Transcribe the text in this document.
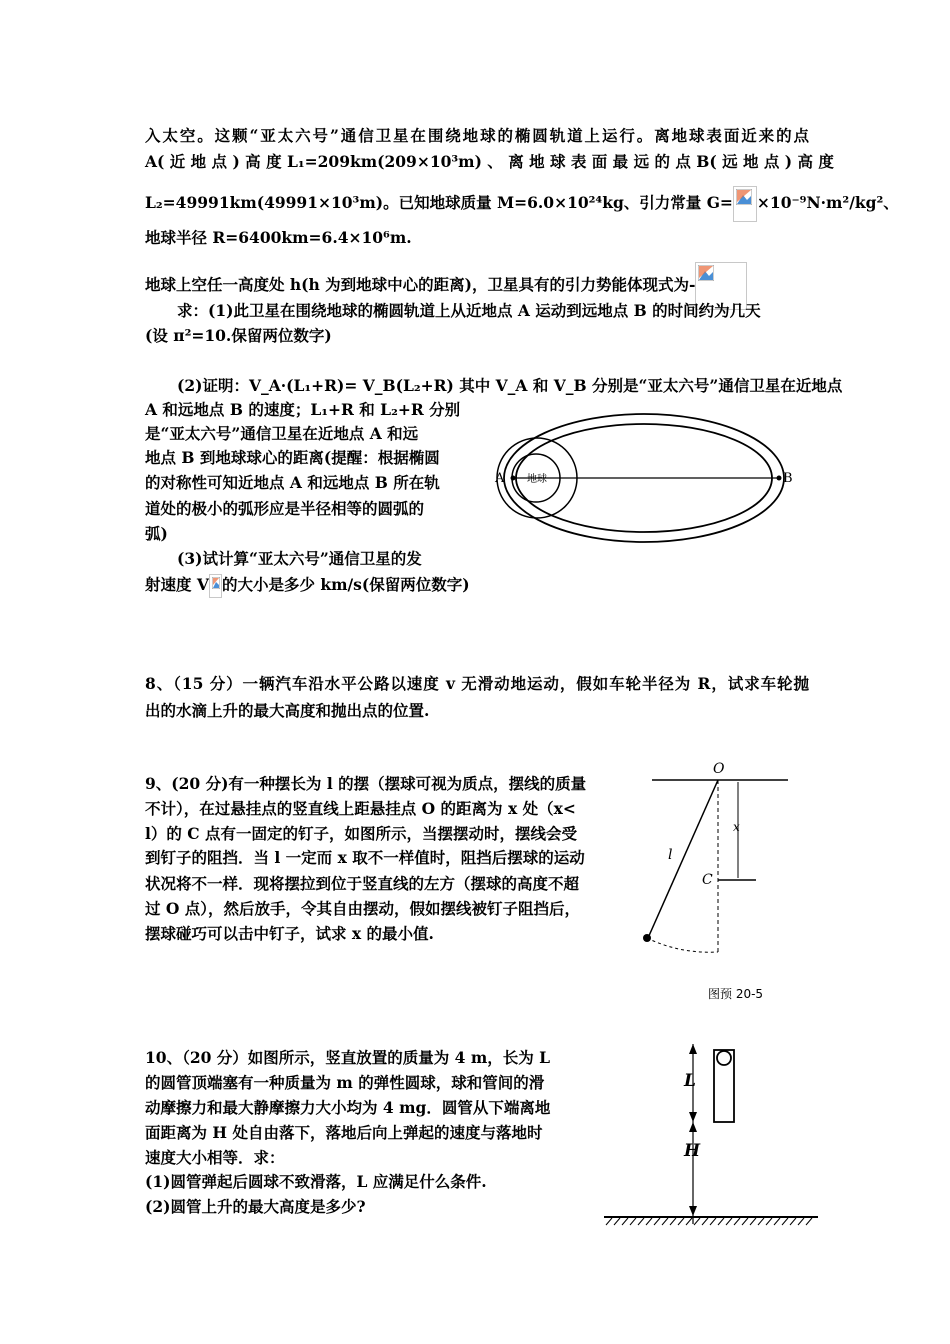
入太空。这颗“亚太六号”通信卫星在围绕地球的椭圆轨道上运行。离地球表面近来的点
A( 近 地 点 ) 高 度 L₁=209km(209×10³m) 、 离 地 球 表 面 最 远 的 点 B( 远 地 点 ) 高 度
L₂=49991km(49991×10³m)。已知地球质量 M=6.0×10²⁴kg、引力常量 G= ×10⁻⁹N·m²/kg²、
地球半径 R=6400km=6.4×10⁶m.
地球上空任一高度处 h(h 为到地球中心的距离)，卫星具有的引力势能体现式为-
求：(1)此卫星在围绕地球的椭圆轨道上从近地点 A 运动到远地点 B 的时间约为几天
(设 π²=10.保留两位数字)
(2)证明：V_A·(L₁+R)= V_B(L₂+R) 其中 V_A 和 V_B 分别是“亚太六号”通信卫星在近地点
A 和远地点 B 的速度；L₁+R 和 L₂+R 分别
是“亚太六号”通信卫星在近地点 A 和远
地点 B 到地球球心的距离(提醒：根据椭圆
的对称性可知近地点 A 和远地点 B 所在轨
道处的极小的弧形应是半径相等的圆弧的
弧)
(3)试计算“亚太六号”通信卫星的发
射速度 V 的大小是多少 km/s(保留两位数字)
A	B
地球
8、（15 分）一辆汽车沿水平公路以速度 v 无滑动地运动，假如车轮半径为 R，试求车轮抛
出的水滴上升的最大高度和抛出点的位置.
9、(20 分)有一种摆长为 l 的摆（摆球可视为质点，摆线的质量
不计），在过悬挂点的竖直线上距悬挂点 O 的距离为 x 处（x<
l）的 C 点有一固定的钉子，如图所示，当摆摆动时，摆线会受
到钉子的阻挡．当 l 一定而 x 取不一样值时，阻挡后摆球的运动
状况将不一样．现将摆拉到位于竖直线的左方（摆球的高度不超
过 O 点），然后放手，令其自由摆动，假如摆线被钉子阻挡后，
摆球碰巧可以击中钉子，试求 x 的最小值.
O
x
l
C
图预 20-5
10、（20 分）如图所示，竖直放置的质量为 4 m，长为 L
的圆管顶端塞有一种质量为 m 的弹性圆球，球和管间的滑
动摩擦力和最大静摩擦力大小均为 4 mg．圆管从下端离地
面距离为 H 处自由落下，落地后向上弹起的速度与落地时
速度大小相等．求：
(1)圆管弹起后圆球不致滑落，L 应满足什么条件.
(2)圆管上升的最大高度是多少?
L
H
